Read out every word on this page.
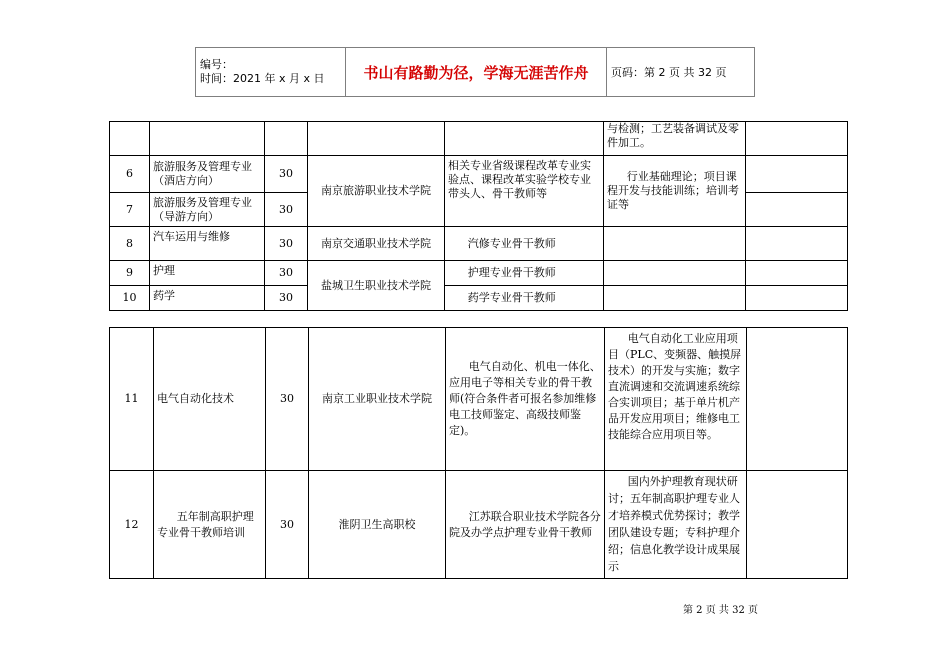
编号：
时间：2021 年 x 月 x 日	书山有路勤为径，学海无涯苦作舟	页码：第 2 页 共 32 页
					与检测；工艺装备调试及零件加工。	
6	旅游服务及管理专业（酒店方向）	30	南京旅游职业技术学院	相关专业省级课程改革专业实验点、课程改革实验学校专业带头人、骨干教师等	行业基础理论；项目课程开发与技能训练；培训考证等	
7	旅游服务及管理专业（导游方向）	30				
8	汽车运用与维修	30	南京交通职业技术学院	汽修专业骨干教师		
9	护理	30	盐城卫生职业技术学院	护理专业骨干教师		
10	药学	30		药学专业骨干教师		
11	电气自动化技术	30	南京工业职业技术学院	电气自动化、机电一体化、应用电子等相关专业的骨干教师(符合条件者可报名参加维修电工技师鉴定、高级技师鉴定)。	电气自动化工业应用项目（PLC、变频器、触摸屏技术）的开发与实施；数字直流调速和交流调速系统综合实训项目；基于单片机产品开发应用项目；维修电工技能综合应用项目等。	
12	五年制高职护理专业骨干教师培训	30	淮阴卫生高职校	江苏联合职业技术学院各分院及办学点护理专业骨干教师	国内外护理教育现状研讨；五年制高职护理专业人才培养模式优势探讨；教学团队建设专题；专科护理介绍；信息化教学设计成果展示	
第 2 页 共 32 页
